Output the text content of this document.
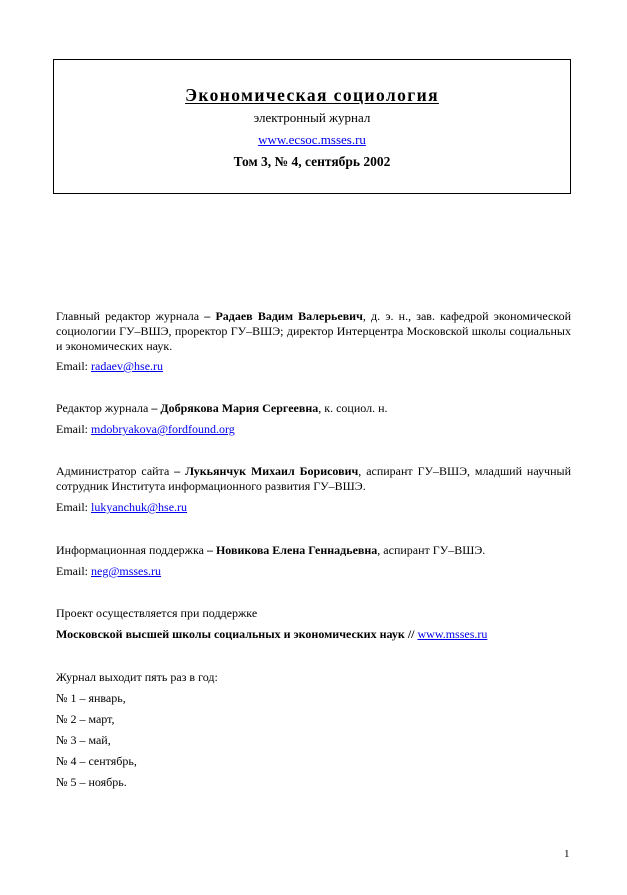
Экономическая социология
электронный журнал
www.ecsoc.msses.ru
Том 3, № 4, сентябрь 2002
Главный редактор журнала – Радаев Вадим Валерьевич, д. э. н., зав. кафедрой экономической социологии ГУ–ВШЭ, проректор ГУ–ВШЭ; директор Интерцентра Московской школы социальных и экономических наук.
Email: radaev@hse.ru
Редактор журнала – Добрякова Мария Сергеевна, к. социол. н.
Email: mdobryakova@fordfound.org
Администратор сайта – Лукьянчук Михаил Борисович, аспирант ГУ–ВШЭ, младший научный сотрудник Института информационного развития ГУ–ВШЭ.
Email: lukyanchuk@hse.ru
Информационная поддержка – Новикова Елена Геннадьевна, аспирант ГУ–ВШЭ.
Email: neg@msses.ru
Проект осуществляется при поддержке
Московской высшей школы социальных и экономических наук // www.msses.ru
Журнал выходит пять раз в год:
№ 1 – январь,
№ 2 – март,
№ 3 – май,
№ 4 – сентябрь,
№ 5 – ноябрь.
1
